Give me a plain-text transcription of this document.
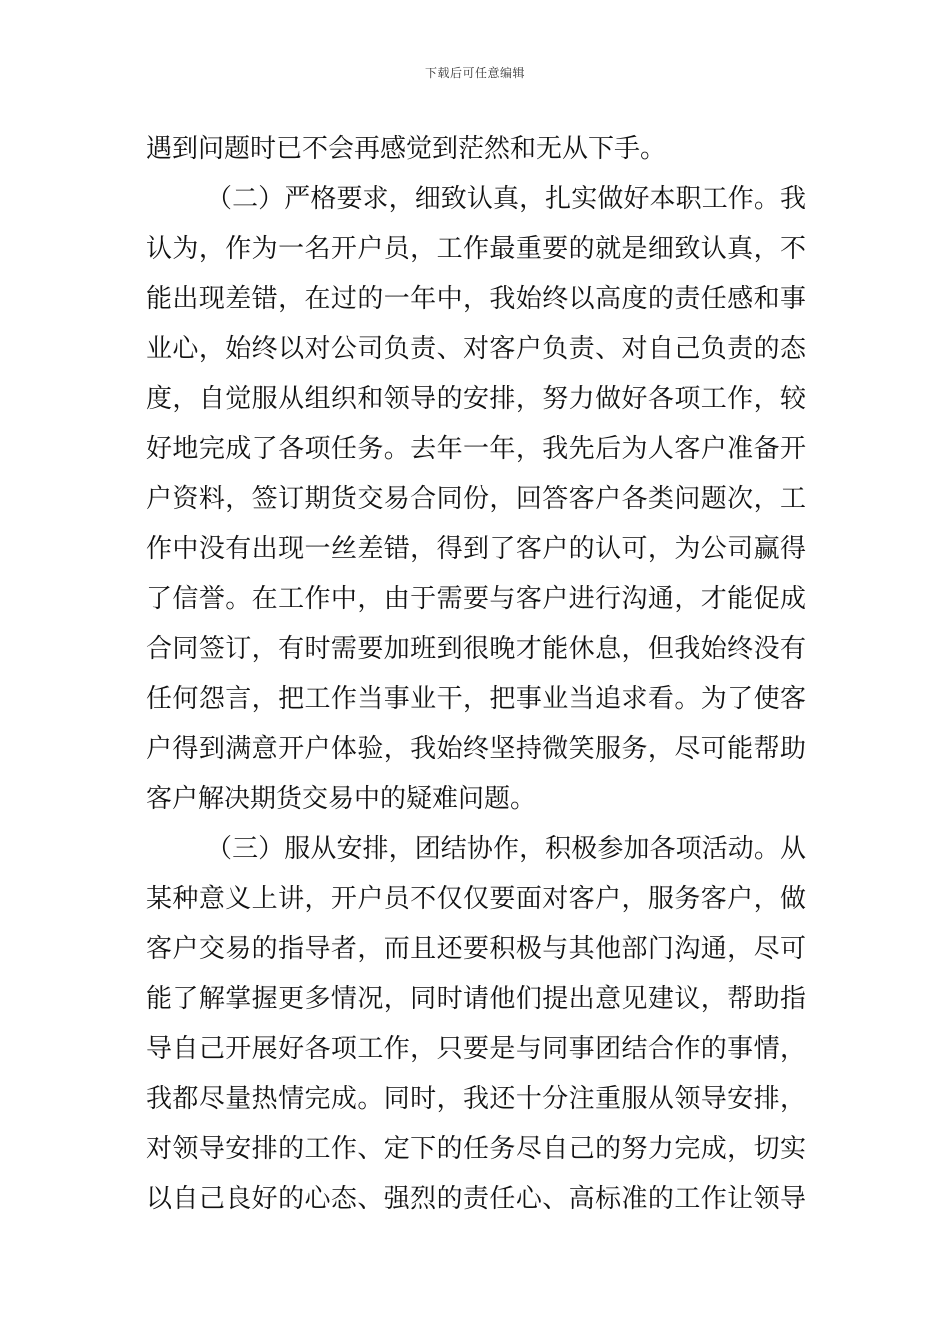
下载后可任意编辑
遇到问题时已不会再感觉到茫然和无从下手。
（二）严格要求，细致认真，扎实做好本职工作。我
认为，作为一名开户员，工作最重要的就是细致认真，不
能出现差错，在过的一年中，我始终以高度的责任感和事
业心，始终以对公司负责、对客户负责、对自己负责的态
度，自觉服从组织和领导的安排，努力做好各项工作，较
好地完成了各项任务。去年一年，我先后为人客户准备开
户资料，签订期货交易合同份，回答客户各类问题次，工
作中没有出现一丝差错，得到了客户的认可，为公司赢得
了信誉。在工作中，由于需要与客户进行沟通，才能促成
合同签订，有时需要加班到很晚才能休息，但我始终没有
任何怨言，把工作当事业干，把事业当追求看。为了使客
户得到满意开户体验，我始终坚持微笑服务，尽可能帮助
客户解决期货交易中的疑难问题。
（三）服从安排，团结协作，积极参加各项活动。从
某种意义上讲，开户员不仅仅要面对客户，服务客户，做
客户交易的指导者，而且还要积极与其他部门沟通，尽可
能了解掌握更多情况，同时请他们提出意见建议，帮助指
导自己开展好各项工作，只要是与同事团结合作的事情，
我都尽量热情完成。同时，我还十分注重服从领导安排，
对领导安排的工作、定下的任务尽自己的努力完成，切实
以自己良好的心态、强烈的责任心、高标准的工作让领导
